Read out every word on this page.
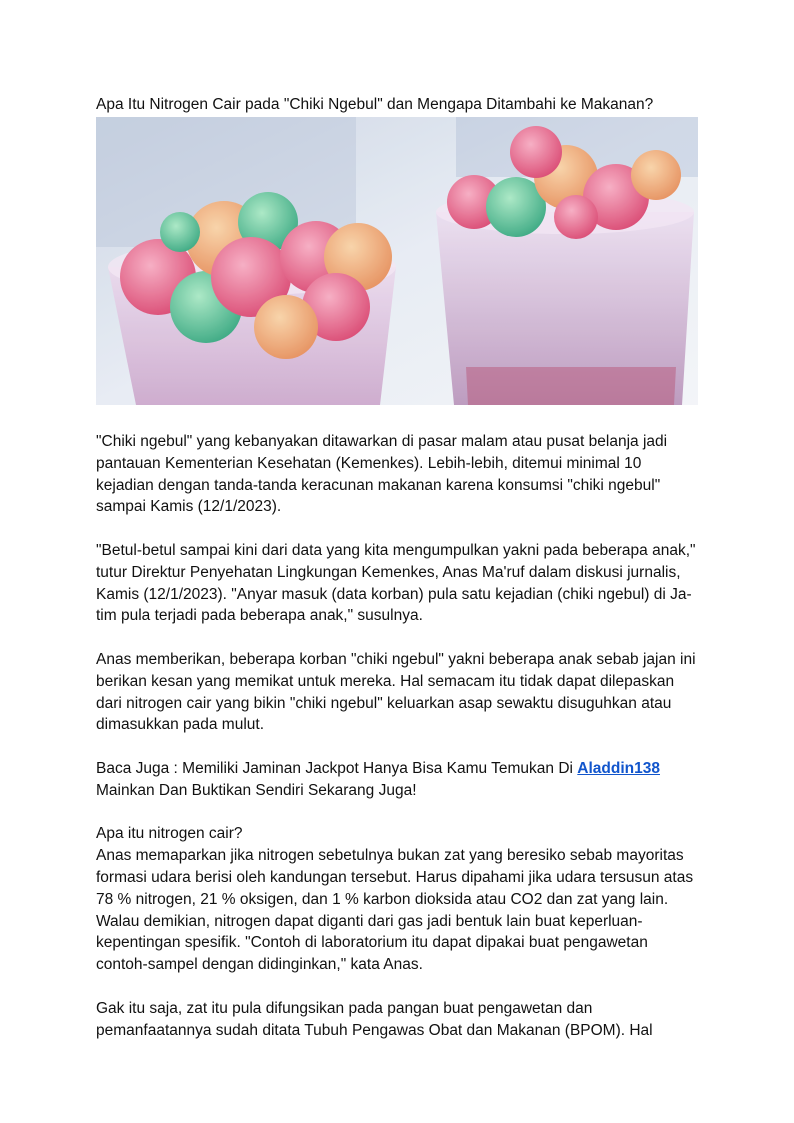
Apa Itu Nitrogen Cair pada "Chiki Ngebul" dan Mengapa Ditambahi ke Makanan?

"Chiki ngebul" yang kebanyakan ditawarkan di pasar malam atau pusat belanja jadi pantauan Kementerian Kesehatan (Kemenkes). Lebih-lebih, ditemui minimal 10 kejadian dengan tanda-tanda keracunan makanan karena konsumsi "chiki ngebul" sampai Kamis (12/1/2023).

"Betul-betul sampai kini dari data yang kita mengumpulkan yakni pada beberapa anak," tutur Direktur Penyehatan Lingkungan Kemenkes, Anas Ma'ruf dalam diskusi jurnalis, Kamis (12/1/2023). "Anyar masuk (data korban) pula satu kejadian (chiki ngebul) di Ja-tim pula terjadi pada beberapa anak," susulnya.

Anas memberikan, beberapa korban "chiki ngebul" yakni beberapa anak sebab jajan ini berikan kesan yang memikat untuk mereka. Hal semacam itu tidak dapat dilepaskan dari nitrogen cair yang bikin "chiki ngebul" keluarkan asap sewaktu disuguhkan atau dimasukkan pada mulut.

Baca Juga : Memiliki Jaminan Jackpot Hanya Bisa Kamu Temukan Di Aladdin138
Mainkan Dan Buktikan Sendiri Sekarang Juga!

Apa itu nitrogen cair?

Anas memaparkan jika nitrogen sebetulnya bukan zat yang beresiko sebab mayoritas formasi udara berisi oleh kandungan tersebut. Harus dipahami jika udara tersusun atas 78 % nitrogen, 21 % oksigen, dan 1 % karbon dioksida atau CO2 dan zat yang lain. Walau demikian, nitrogen dapat diganti dari gas jadi bentuk lain buat keperluan-kepentingan spesifik. "Contoh di laboratorium itu dapat dipakai buat pengawetan contoh-sampel dengan didinginkan," kata Anas.

Gak itu saja, zat itu pula difungsikan pada pangan buat pengawetan dan pemanfaatannya sudah ditata Tubuh Pengawas Obat dan Makanan (BPOM). Hal
